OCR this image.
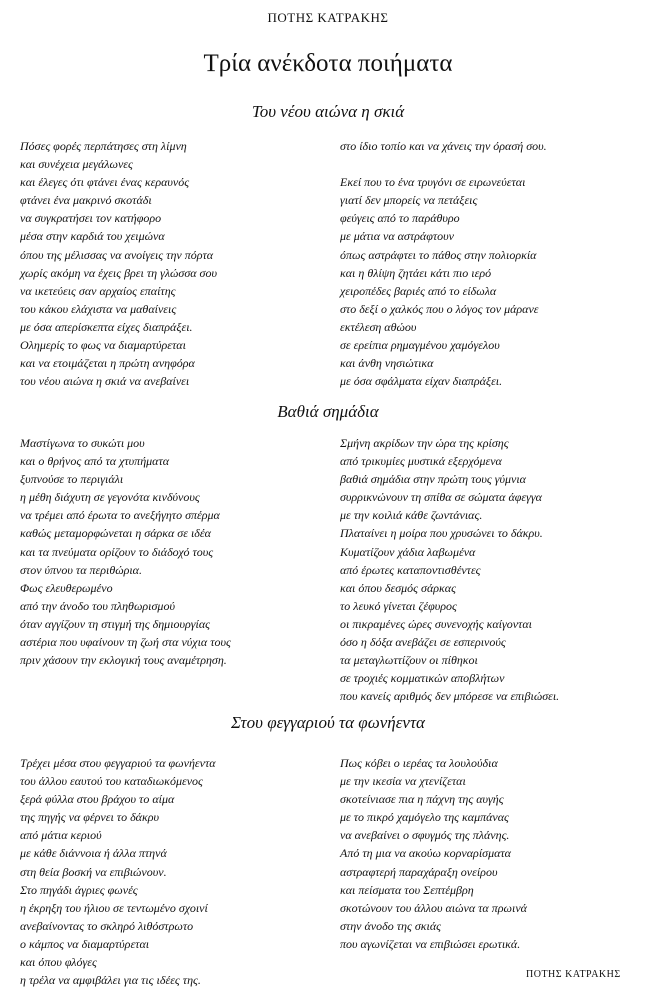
ΠΟΤΗΣ ΚΑΤΡΑΚΗΣ
Τρία ανέκδοτα ποιήματα
Του νέου αιώνα η σκιά
Πόσες φορές περπάτησες στη λίμνη
και συνέχεια μεγάλωνες
και έλεγες ότι φτάνει ένας κεραυνός
φτάνει ένα μακρινό σκοτάδι
να συγκρατήσει τον κατήφορο
μέσα στην καρδιά του χειμώνα
όπου της μέλισσας να ανοίγεις την πόρτα
χωρίς ακόμη να έχεις βρει τη γλώσσα σου
να ικετεύεις σαν αρχαίος επαίτης
του κάκου ελάχιστα να μαθαίνεις
με όσα απερίσκεπτα είχες διαπράξει.
Ολημερίς το φως να διαμαρτύρεται
και να ετοιμάζεται η πρώτη ανηφόρα
του νέου αιώνα η σκιά να ανεβαίνει
στο ίδιο τοπίο και να χάνεις την όρασή σου.
Εκεί που το ένα τρυγόνι σε ειρωνεύεται
γιατί δεν μπορείς να πετάξεις
φεύγεις από το παράθυρο
με μάτια να αστράφτουν
όπως αστράφτει το πάθος στην πολιορκία
και η θλίψη ζητάει κάτι πιο ιερό
χειροπέδες βαριές από το είδωλα
στο δεξί ο χαλκός που ο λόγος τον μάρανε
εκτέλεση αθώου
σε ερείπια ρημαγμένου χαμόγελου
και άνθη νησιώτικα
με όσα σφάλματα είχαν διαπράξει.
Βαθιά σημάδια
Μαστίγωνα το συκώτι μου
και ο θρήνος από τα χτυπήματα
ξυπνούσε το περιγιάλι
η μέθη διάχυτη σε γεγονότα κινδύνους
να τρέμει από έρωτα το ανεξήγητο σπέρμα
καθώς μεταμορφώνεται η σάρκα σε ιδέα
και τα πνεύματα ορίζουν το διάδοχό τους
στον ύπνου τα περιθώρια.
Φως ελευθερωμένο
από την άνοδο του πληθωρισμού
όταν αγγίζουν τη στιγμή της δημιουργίας
αστέρια που υφαίνουν τη ζωή στα νύχια τους
πριν χάσουν την εκλογική τους αναμέτρηση.
Σμήνη ακρίδων την ώρα της κρίσης
από τρικυμίες μυστικά εξερχόμενα
βαθιά σημάδια στην πρώτη τους γύμνια
συρρικνώνουν τη σπίθα σε σώματα άφεγγα
με την κοιλιά κάθε ζωντάνιας.
Πλαταίνει η μοίρα που χρυσώνει το δάκρυ.
Κυματίζουν χάδια λαβωμένα
από έρωτες καταποντισθέντες
και όπου δεσμός σάρκας
το λευκό γίνεται ζέφυρος
οι πικραμένες ώρες συνενοχής καίγονται
όσο η δόξα ανεβάζει σε εσπερινούς
τα μεταγλωττίζουν οι πίθηκοι
σε τροχιές κομματικών αποβλήτων
που κανείς αριθμός δεν μπόρεσε να επιβιώσει.
Στου φεγγαριού τα φωνήεντα
Τρέχει μέσα στου φεγγαριού τα φωνήεντα
του άλλου εαυτού του καταδιωκόμενος
ξερά φύλλα στου βράχου το αίμα
της πηγής να φέρνει το δάκρυ
από μάτια κεριού
με κάθε διάννοια ή άλλα πτηνά
στη θεία βοσκή να επιβιώνουν.
Στο πηγάδι άγριες φωνές
η έκρηξη του ήλιου σε τεντωμένο σχοινί
ανεβαίνοντας το σκληρό λιθόστρωτο
ο κάμπος να διαμαρτύρεται
και όπου φλόγες
η τρέλα να αμφιβάλει για τις ιδέες της.
Πως κόβει ο ιερέας τα λουλούδια
με την ικεσία να χτενίζεται
σκοτείνιασε πια η πάχνη της αυγής
με το πικρό χαμόγελο της καμπάνας
να ανεβαίνει ο σφυγμός της πλάνης.
Από τη μια να ακούω κορναρίσματα
αστραφτερή παραχάραξη ονείρου
και πείσματα του Σεπτέμβρη
σκοτώνουν του άλλου αιώνα τα πρωινά
στην άνοδο της σκιάς
που αγωνίζεται να επιβιώσει ερωτικά.
ΠΟΤΗΣ ΚΑΤΡΑΚΗΣ
